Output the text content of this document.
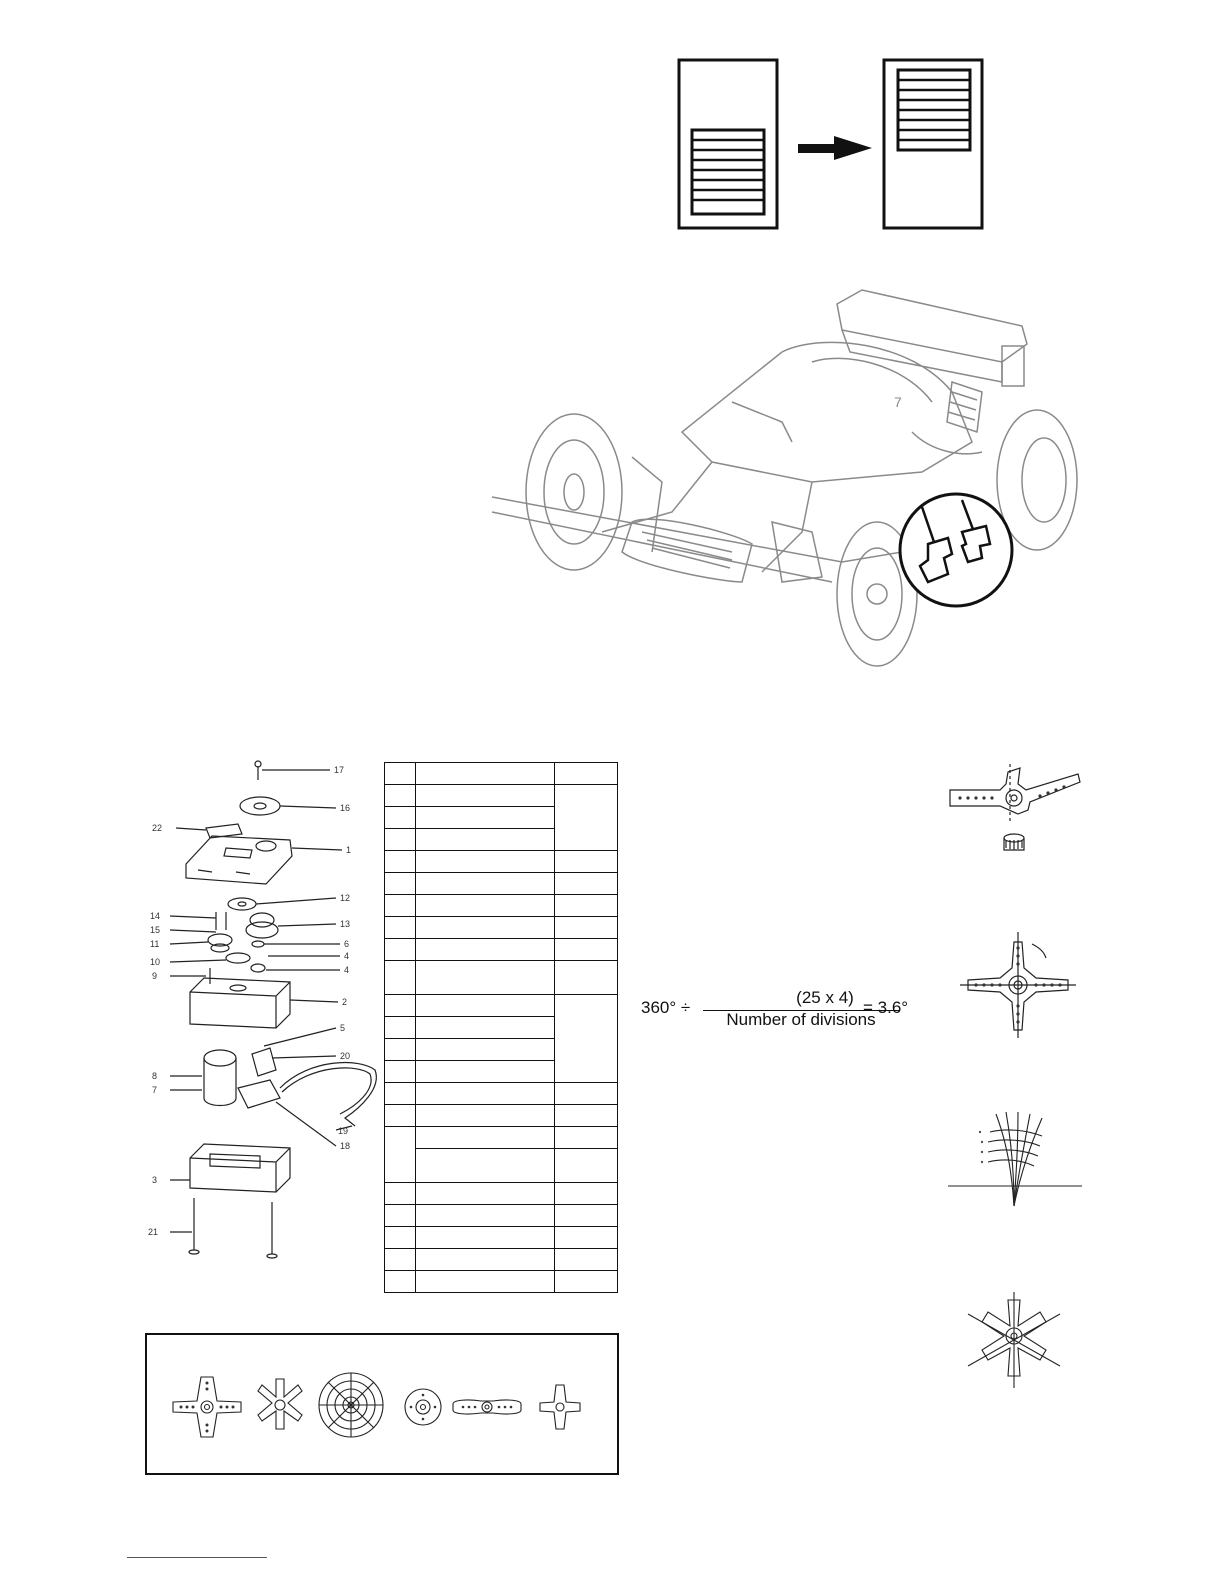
7
17
16
22
1
12
14
13
15
11	6
4
10
4
9
2
5
20
8
7
19
18
3
21

360° ÷
(25 x 4)
Number of divisions
= 3.6°
